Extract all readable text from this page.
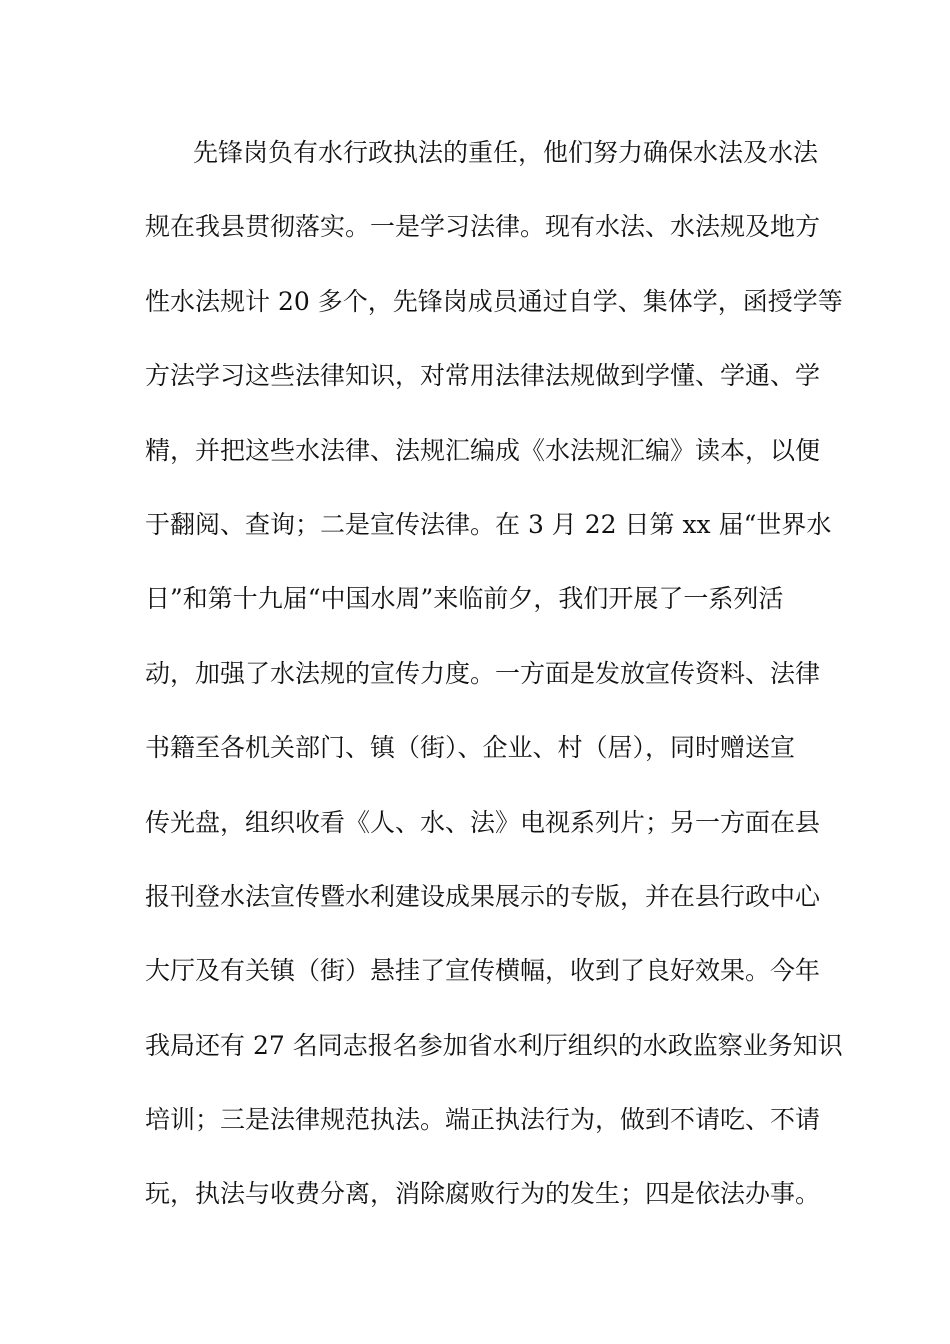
先锋岗负有水行政执法的重任，他们努力确保水法及水法
规在我县贯彻落实。一是学习法律。现有水法、水法规及地方
性水法规计 20 多个，先锋岗成员通过自学、集体学，函授学等
方法学习这些法律知识，对常用法律法规做到学懂、学通、学
精，并把这些水法律、法规汇编成《水法规汇编》读本，以便
于翻阅、查询；二是宣传法律。在 3 月 22 日第 xx 届“世界水
日”和第十九届“中国水周”来临前夕，我们开展了一系列活
动，加强了水法规的宣传力度。一方面是发放宣传资料、法律
书籍至各机关部门、镇（街）、企业、村（居），同时赠送宣
传光盘，组织收看《人、水、法》电视系列片；另一方面在县
报刊登水法宣传暨水利建设成果展示的专版，并在县行政中心
大厅及有关镇（街）悬挂了宣传横幅，收到了良好效果。今年
我局还有 27 名同志报名参加省水利厅组织的水政监察业务知识
培训；三是法律规范执法。端正执法行为，做到不请吃、不请
玩，执法与收费分离，消除腐败行为的发生；四是依法办事。
